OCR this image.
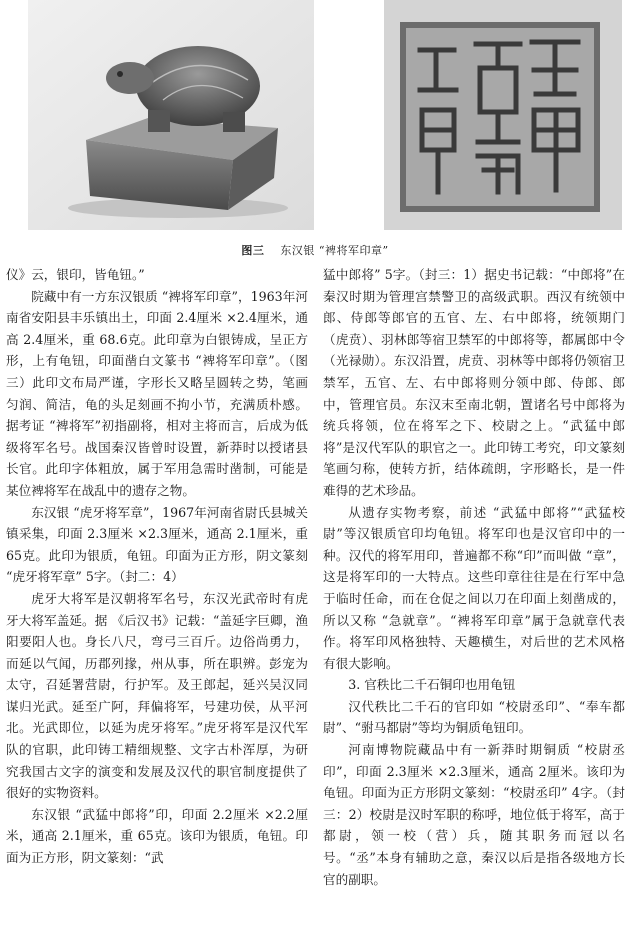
图三 东汉银 “裨将军印章”

仪》云，银印，皆龟钮。”

院藏中有一方东汉银质 “裨将军印章”，1963年河南省安阳县丰乐镇出土，印面 2.4厘米 ×2.4厘米，通高 2.4厘米，重 68.6克。此印章为白银铸成，呈正方形，上有龟钮，印面凿白文篆书 “裨将军印章”。（图三）此印文布局严谨，字形长又略呈圆转之势，笔画匀润、简洁，龟的头足刻画不拘小节，充满质朴感。据考证 “裨将军”初指副将，相对主将而言，后成为低级将军名号。战国秦汉皆曾时设置，新莽时以授诸县长官。此印字体粗放，属于军用急需时凿制，可能是某位裨将军在战乱中的遗存之物。

东汉银 “虎牙将军章”，1967年河南省尉氏县城关镇采集，印面 2.3厘米 ×2.3厘米，通高 2.1厘米，重 65克。此印为银质，龟钮。印面为正方形，阴文篆刻 “虎牙将军章” 5字。（封二：4）

虎牙大将军是汉朝将军名号，东汉光武帝时有虎牙大将军盖延。据 《后汉书》记载：“盖延字巨卿，渔阳要阳人也。身长八尺，弯弓三百斤。边俗尚勇力，而延以气闻，历郡列掾，州从事，所在职辨。彭宠为太守，召延署营尉，行护军。及王郎起，延兴吴汉同谋归光武。延至广阿，拜偏将军，号建功侯，从平河北。光武即位，以延为虎牙将军。”虎牙将军是汉代军队的官职，此印铸工精细规整、文字古朴浑厚，为研究我国古文字的演变和发展及汉代的职官制度提供了很好的实物资料。

东汉银 “武猛中郎将”印，印面 2.2厘米 ×2.2厘米，通高 2.1厘米，重 65克。该印为银质，龟钮。印面为正方形，阴文篆刻：“武

猛中郎将” 5字。（封三：1）据史书记载：“中郎将”在秦汉时期为管理宫禁警卫的高级武职。西汉有统领中郎、侍郎等郎官的五官、左、右中郎将，统领期门（虎贲）、羽林郎等宿卫禁军的中郎将等，都属郎中令（光禄勋）。东汉沿置，虎贲、羽林等中郎将仍领宿卫禁军，五官、左、右中郎将则分领中郎、侍郎、郎中，管理官员。东汉末至南北朝，置诸名号中郎将为统兵将领，位在将军之下、校尉之上。“武猛中郎将”是汉代军队的职官之一。此印铸工考究，印文篆刻笔画匀称，使转方折，结体疏朗，字形略长，是一件难得的艺术珍品。

从遗存实物考察，前述 “武猛中郎将”“武猛校尉”等汉银质官印均龟钮。将军印也是汉官印中的一种。汉代的将军用印，普遍都不称“印”而叫做 “章”，这是将军印的一大特点。这些印章往往是在行军中急于临时任命，而在仓促之间以刀在印面上刻凿成的，所以又称 “急就章”。“裨将军印章”属于急就章代表作。将军印风格独特、天趣横生，对后世的艺术风格有很大影响。

3. 官秩比二千石铜印也用龟钮

汉代秩比二千石的官印如 “校尉丞印”、“奉车都尉”、“驸马都尉”等均为铜质龟钮印。

河南博物院藏品中有一新莽时期铜质 “校尉丞印”，印面 2.3厘米 ×2.3厘米，通高 2厘米。该印为龟钮。印面为正方形阴文篆刻：“校尉丞印” 4字。（封三：2）校尉是汉时军职的称呼，地位低于将军，高于都尉，领一校（营）兵，随其职务而冠以名号。“丞”本身有辅助之意，秦汉以后是指各级地方长官的副职。
